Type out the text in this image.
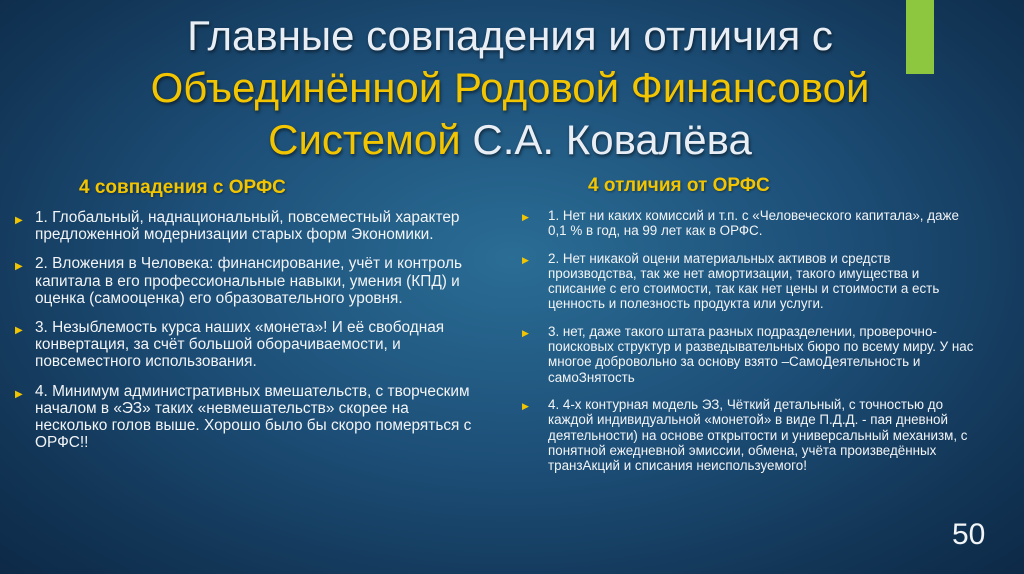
Главные совпадения и отличия с Объединённой Родовой Финансовой Системой С.А. Ковалёва
4 совпадения с ОРФС
▶ 1. Глобальный, наднациональный, повсеместный характер предложенной модернизации старых форм Экономики.
▶ 2. Вложения в Человека: финансирование, учёт и контроль капитала в его профессиональные навыки, умения (КПД) и оценка (самооценка) его образовательного уровня.
▶ 3. Незыблемость курса наших «монета»! И её свободная конвертация, за счёт большой оборачиваемости, и повсеместного использования.
▶ 4. Минимум административных вмешательств, с творческим началом в «ЭЗ» таких «невмешательств» скорее на несколько голов выше. Хорошо было бы скоро померяться с ОРФС!!
4 отличия от ОРФС
▶ 1. Нет ни каких комиссий и т.п. с «Человеческого капитала», даже 0,1 % в год, на 99 лет как в ОРФС.
▶ 2. Нет никакой оцени материальных активов и средств производства, так же нет амортизации, такого имущества и списание с его стоимости, так как нет цены и стоимости а есть ценность и полезность продукта или услуги.
▶ 3. нет, даже такого штата разных подразделении, проверочно-поисковых структур и разведывательных бюро по всему миру. У нас многое добровольно за основу взято –СамоДеятельность и самоЗнятость
▶ 4. 4-х контурная модель ЭЗ, Чёткий детальный, с точностью до каждой индивидуальной «монетой» в виде П.Д.Д. - пая дневной деятельности) на основе открытости и универсальный механизм, с понятной ежедневной эмиссии, обмена, учёта произведённых транзАкций и списания неиспользуемого!
50
